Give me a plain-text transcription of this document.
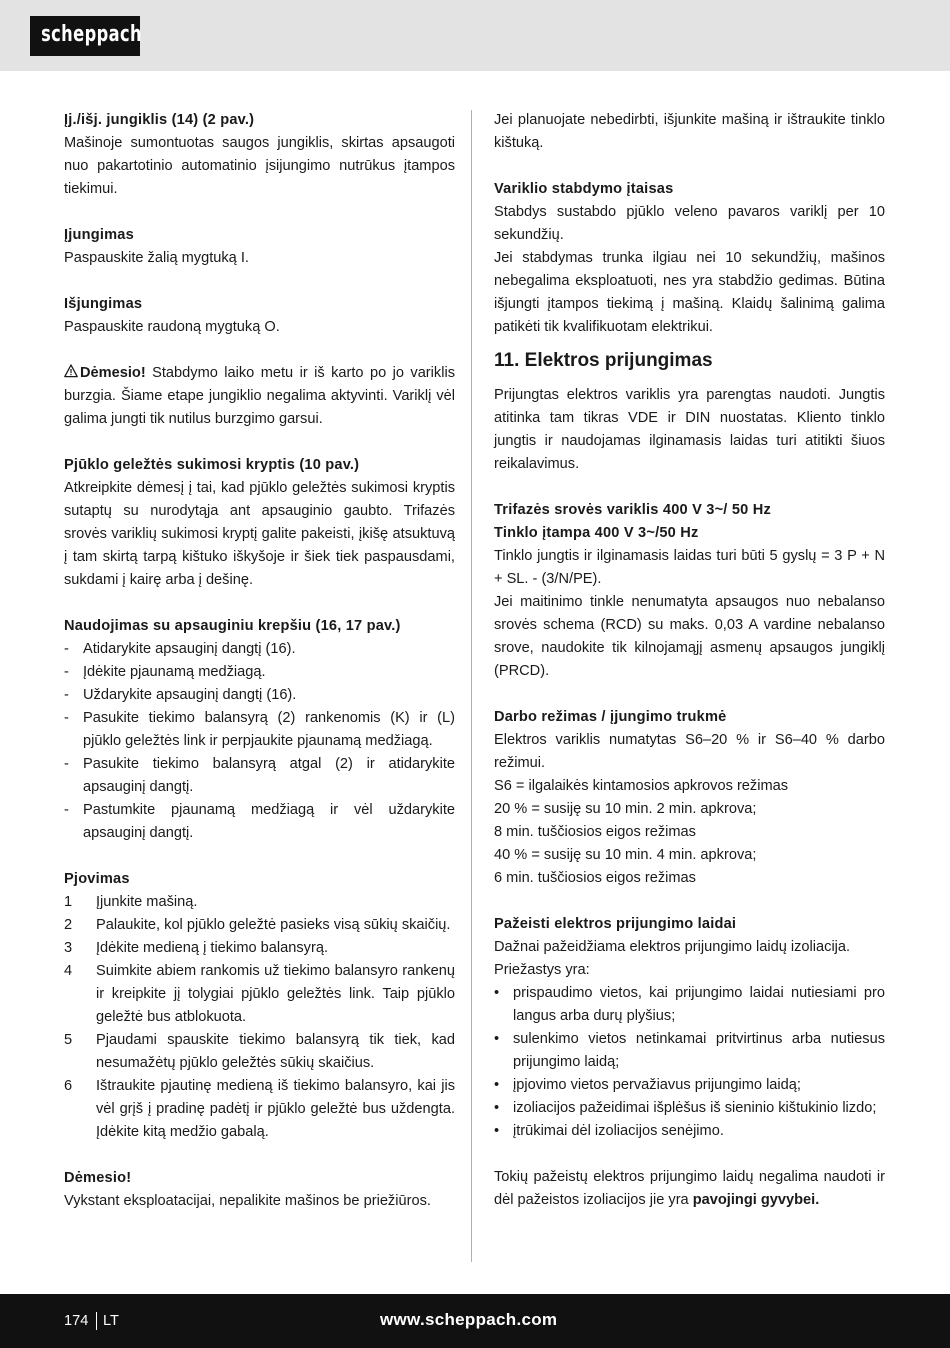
scheppach

Įj./išj. jungiklis (14) (2 pav.)

Mašinoje sumontuotas saugos jungiklis, skirtas apsaugoti nuo pakartotinio automatinio įsijungimo nutrūkus įtampos tiekimui.

Įjungimas

Paspauskite žalią mygtuką I.

Išjungimas

Paspauskite raudoną mygtuką O.

Dėmesio! Stabdymo laiko metu ir iš karto po jo variklis burzgia. Šiame etape jungiklio negalima aktyvinti. Variklį vėl galima jungti tik nutilus burzgimo garsui.

Pjūklo geležtės sukimosi kryptis (10 pav.)

Atkreipkite dėmesį į tai, kad pjūklo geležtės sukimosi kryptis sutaptų su nurodytąja ant apsauginio gaubto. Trifazės srovės variklių sukimosi kryptį galite pakeisti, įkišę atsuktuvą į tam skirtą tarpą kištuko iškyšoje ir šiek tiek paspausdami, sukdami į kairę arba į dešinę.

Naudojimas su apsauginiu krepšiu (16, 17 pav.)

- Atidarykite apsauginį dangtį (16).
- Įdėkite pjaunamą medžiagą.
- Uždarykite apsauginį dangtį (16).
- Pasukite tiekimo balansyrą (2) rankenomis (K) ir (L) pjūklo geležtės link ir perpjaukite pjaunamą medžiagą.
- Pasukite tiekimo balansyrą atgal (2) ir atidarykite apsauginį dangtį.
- Pastumkite pjaunamą medžiagą ir vėl uždarykite apsauginį dangtį.

Pjovimas

1 Įjunkite mašiną.
2 Palaukite, kol pjūklo geležtė pasieks visą sūkių skaičių.
3 Įdėkite medieną į tiekimo balansyrą.
4 Suimkite abiem rankomis už tiekimo balansyro rankenų ir kreipkite jį tolygiai pjūklo geležtės link. Taip pjūklo geležtė bus atblokuota.
5 Pjaudami spauskite tiekimo balansyrą tik tiek, kad nesumažėtų pjūklo geležtės sūkių skaičius.
6 Ištraukite pjautinę medieną iš tiekimo balansyro, kai jis vėl grįš į pradinę padėtį ir pjūklo geležtė bus uždengta. Įdėkite kitą medžio gabalą.

Dėmesio!

Vykstant eksploatacijai, nepalikite mašinos be priežiūros.

Jei planuojate nebedirbti, išjunkite mašiną ir ištraukite tinklo kištuką.

Variklio stabdymo įtaisas

Stabdys sustabdo pjūklo veleno pavaros variklį per 10 sekundžių.

Jei stabdymas trunka ilgiau nei 10 sekundžių, mašinos nebegalima eksploatuoti, nes yra stabdžio gedimas. Būtina išjungti įtampos tiekimą į mašiną. Klaidų šalinimą galima patikėti tik kvalifikuotam elektrikui.

11. Elektros prijungimas

Prijungtas elektros variklis yra parengtas naudoti. Jungtis atitinka tam tikras VDE ir DIN nuostatas. Kliento tinklo jungtis ir naudojamas ilginamasis laidas turi atitikti šiuos reikalavimus.

Trifazės srovės variklis 400 V 3~/ 50 Hz

Tinklo įtampa 400 V 3~/50 Hz

Tinklo jungtis ir ilginamasis laidas turi būti 5 gyslų = 3 P + N + SL. - (3/N/PE).

Jei maitinimo tinkle nenumatyta apsaugos nuo nebalanso srovės schema (RCD) su maks. 0,03 A vardine nebalanso srove, naudokite tik kilnojamąjį asmenų apsaugos jungiklį (PRCD).

Darbo režimas / įjungimo trukmė

Elektros variklis numatytas S6–20 % ir S6–40 % darbo režimui.

S6 = ilgalaikės kintamosios apkrovos režimas

20 % = susiję su 10 min. 2 min. apkrova;

8 min. tuščiosios eigos režimas

40 % = susiję su 10 min. 4 min. apkrova;

6 min. tuščiosios eigos režimas

Pažeisti elektros prijungimo laidai

Dažnai pažeidžiama elektros prijungimo laidų izoliacija.

Priežastys yra:

• prispaudimo vietos, kai prijungimo laidai nutiesiami pro langus arba durų plyšius;
• sulenkimo vietos netinkamai pritvirtinus arba nutiesus prijungimo laidą;
• įpjovimo vietos pervažiavus prijungimo laidą;
• izoliacijos pažeidimai išplėšus iš sieninio kištukinio lizdo;
• įtrūkimai dėl izoliacijos senėjimo.

Tokių pažeistų elektros prijungimo laidų negalima naudoti ir dėl pažeistos izoliacijos jie yra pavojingi gyvybei.

174 LT	www.scheppach.com
